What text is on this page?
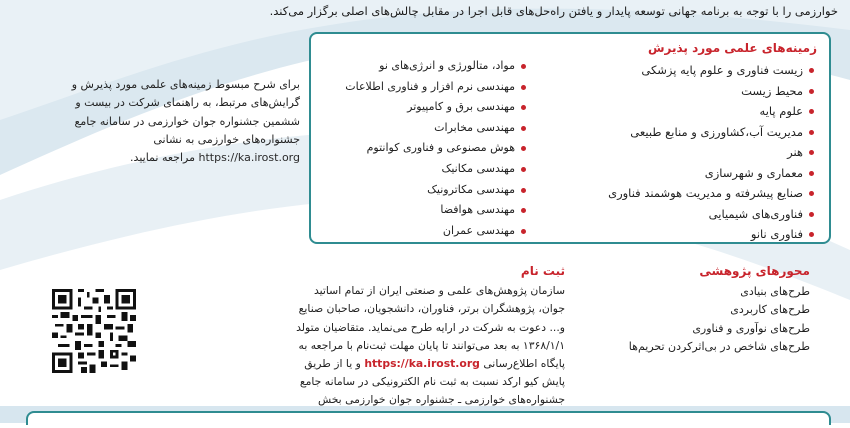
خوارزمی را با توجه به برنامه جهانی توسعه پایدار و یافتن راه‌حل‌های قابل اجرا در مقابل چالش‌های اصلی برگزار می‌کند.
زمینه‌های علمی مورد پذیرش
زیست فناوری و علوم پایه پزشکی
محیط زیست
علوم پایه
مدیریت آب،کشاورزی و منابع طبیعی
هنر
معماری و شهرسازی
صنایع پیشرفته و مدیریت هوشمند فناوری
فناوری‌های شیمیایی
فناوری نانو
مواد، متالورژی و انرژی‌های نو
مهندسی نرم افزار و فناوری اطلاعات
مهندسی برق و کامپیوتر
مهندسی مخابرات
هوش مصنوعی و فناوری کوانتوم
مهندسی مکانیک
مهندسی مکاترونیک
مهندسی هوافضا
مهندسی عمران
برای شرح مبسوط زمینه‌های علمی مورد پذیرش و گرایش‌های مرتبط، به راهنمای شرکت در بیست و ششمین جشنواره جوان خوارزمی در سامانه جامع جشنواره‌های خوارزمی به نشانی https://ka.irost.org مراجعه نمایید.
محورهای پژوهشی
طرح‌های بنیادی
طرح‌های کاربردی
طرح‌های نوآوری و فناوری
طرح‌های شاخص در بی‌اثرکردن تحریم‌ها
ثبت نام
سازمان پژوهش‌های علمی و صنعتی ایران از تمام اساتید جوان، پژوهشگران برتر، فناوران، دانشجویان، صاحبان صنایع و... دعوت به شرکت در ارایه طرح می‌نماید. متقاضیان متولد ۱۳۶۸/۱/۱ به بعد می‌توانند تا پایان مهلت ثبت‌نام با مراجعه به پایگاه اطلاع‌رسانی https://ka.irost.org و یا از طریق پایش کیو ارکد نسبت به ثبت نام الکترونیکی در سامانه جامع جشنواره‌های خوارزمی ـ جشنواره جوان خوارزمی بخش
